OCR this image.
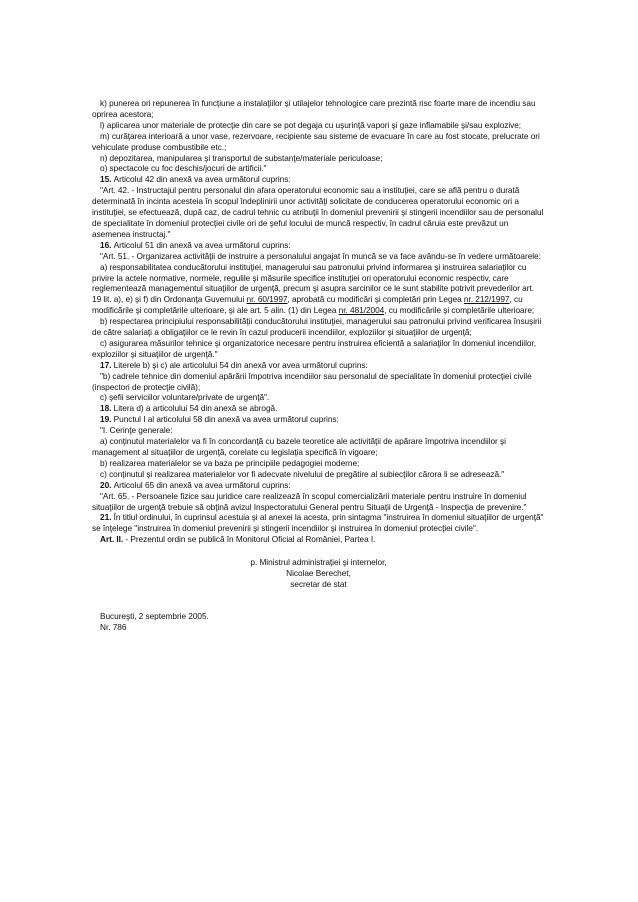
k) punerea ori repunerea în funcţiune a instalaţiilor şi utilajelor tehnologice care prezintă risc foarte mare de incendiu sau oprirea acestora;

l) aplicarea unor materiale de protecţie din care se pot degaja cu uşurinţă vapori şi gaze inflamabile şi/sau explozive;

m) curăţarea interioară a unor vase, rezervoare, recipiente sau sisteme de evacuare în care au fost stocate, prelucrate ori vehiculate produse combustibile etc.;

n) depozitarea, manipularea şi transportul de substanţe/materiale periculoase;

o) spectacole cu foc deschis/jocuri de artificii."

15. Articolul 42 din anexă va avea următorul cuprins:

"Art. 42. - Instructajul pentru personalul din afara operatorului economic sau a instituţiei, care se află pentru o durată determinată în incinta acesteia în scopul îndeplinirii unor activităţi solicitate de conducerea operatorului economic ori a instituţiei, se efectuează, după caz, de cadrul tehnic cu atribuţii în domeniul prevenirii şi stingerii incendiilor sau de personalul de specialitate în domeniul protecţiei civile ori de şeful locului de muncă respectiv, în cadrul căruia este prevăzut un asemenea instructaj."

16. Articolul 51 din anexă va avea următorul cuprins:

"Art. 51. - Organizarea activităţii de instruire a personalului angajat în muncă se va face avându-se în vedere următoarele:

a) responsabilitatea conducătorului instituţiei, managerului sau patronului privind informarea şi instruirea salariaţilor cu privire la actele normative, normele, regulile şi măsurile specifice instituţiei ori operatorului economic respectiv, care reglementează managementul situaţiilor de urgenţă, precum şi asupra sarcinilor ce le sunt stabilite potrivit prevederilor art. 19 lit. a), e) şi f) din Ordonanţa Guvernului nr. 60/1997, aprobată cu modificări şi completări prin Legea nr. 212/1997, cu modificările şi completările ulterioare, şi ale art. 5 alin. (1) din Legea nr. 481/2004, cu modificările şi completările ulterioare;

b) respectarea principiului responsabilităţii conducătorului instituţiei, managerului sau patronului privind verificarea însuşirii de către salariaţi a obligaţiilor ce le revin în cazul producerii incendiilor, exploziilor şi situaţiilor de urgenţă;

c) asigurarea măsurilor tehnice şi organizatorice necesare pentru instruirea eficientă a salariaţilor în domeniul incendiilor, exploziilor şi situaţiilor de urgenţă."

17. Literele b) şi c) ale articolului 54 din anexă vor avea următorul cuprins:

"b) cadrele tehnice din domeniul apărării împotriva incendiilor sau personalul de specialitate în domeniul protecţiei civile (inspectori de protecţie civilă);

c) şefii serviciilor voluntare/private de urgenţă".

18. Litera d) a articolului 54 din anexă se abrogă.

19. Punctul I al articolului 58 din anexă va avea următorul cuprins:

"I. Cerinţe generale:

a) conţinutul materialelor va fi în concordanţă cu bazele teoretice ale activităţii de apărare împotriva incendiilor şi management al situaţiilor de urgenţă, corelate cu legislaţia specifică în vigoare;

b) realizarea materialelor se va baza pe principiile pedagogiei moderne;

c) conţinutul şi realizarea materialelor vor fi adecvate nivelului de pregătire al subiecţilor cărora li se adresează."

20. Articolul 65 din anexă va avea următorul cuprins:

"Art. 65. - Persoanele fizice sau juridice care realizează în scopul comercializării materiale pentru instruire în domeniul situaţiilor de urgenţă trebuie să obţină avizul Inspectoratului General pentru Situaţii de Urgenţă - Inspecţia de prevenire."

21. În titlul ordinului, în cuprinsul acestuia şi al anexei la acesta, prin sintagma "instruirea în domeniul situaţiilor de urgenţă" se înţelege "instruirea în domeniul prevenirii şi stingerii incendiilor şi instruirea în domeniul protecţiei civile".

Art. II. - Prezentul ordin se publică în Monitorul Oficial al României, Partea I.

p. Ministrul administraţiei şi internelor,
Nicolae Berechet,
secretar de stat

Bucureşti, 2 septembrie 2005.

Nr. 786
